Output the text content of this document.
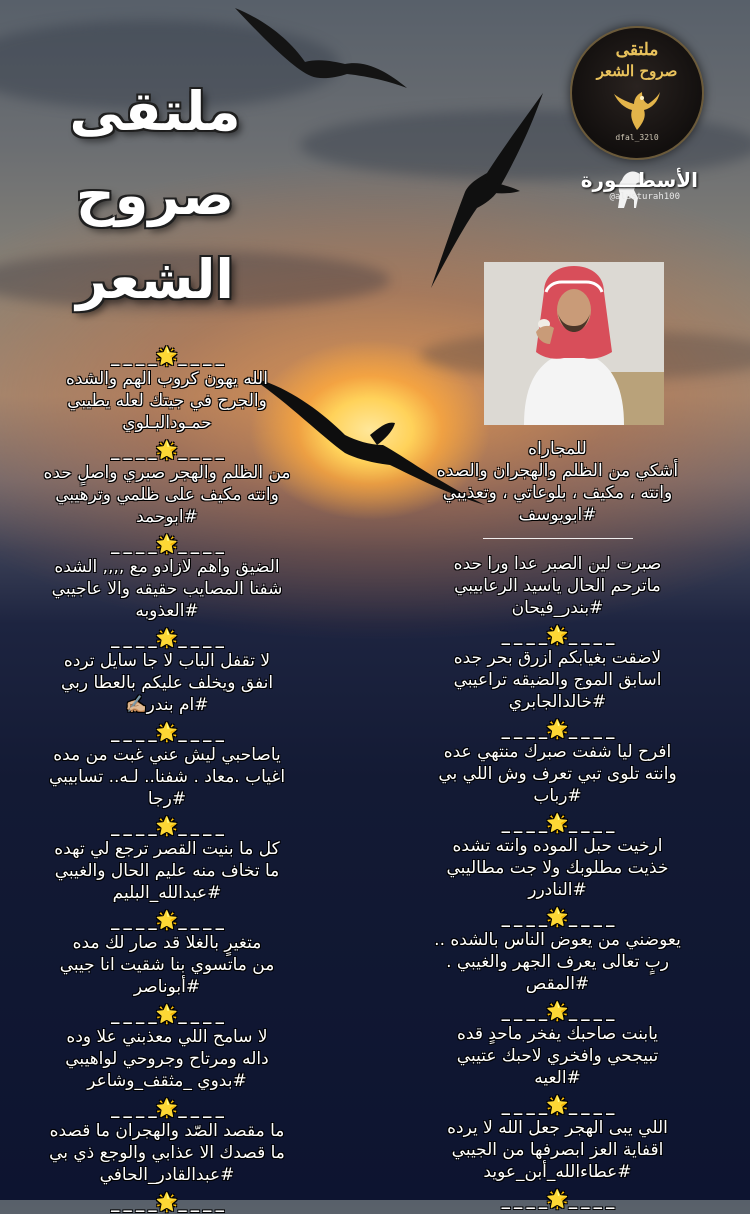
ملتقى
صروح
الشعر
ملتقى
صروح الشعر
dfal_32l0
الأسطـــورة
@alusturah100
_ _ _ _🌟_ _ _ _
الله يهون كروب الهم والشده
والجرح في جيتك لعله يطيبي
حمـودالبـلوي
_ _ _ _🌟_ _ _ _
من الظلم والهجر صبري واصلٍ حده
وانته مكيف على ظلمي وترهيبي
#ابوحمد
_ _ _ _🌟_ _ _ _
الضيق واهم لازادو مع ,,,, الشده
شفنا المصايب حقيقه والا عاجيبي
#العذوبه
_ _ _ _🌟_ _ _ _
لا تقفل الباب لا جا سايل ترده
انفق ويخلف عليكم بالعطا ربي
#ام بندر✍🏼
_ _ _ _🌟_ _ _ _
ياصاحبي ليش عني غبت من مده
اغياب .معاد . شفنا.. لـه.. تسابيبي
#رجا
_ _ _ _🌟_ _ _ _
كل ما بنيت القصر ترجع لي تهده
ما تخاف منه عليم الحال والغيبي
#عبدالله_البليم
_ _ _ _🌟_ _ _ _
متغيرٍ بالغلا قد صار لك مده
من ماتسوي بنا شقيت انا جيبي
#أبوناصر
_ _ _ _🌟_ _ _ _
لا سامح اللي معذبني علا وده
داله ومرتاح وجروحي لواهيبي
#بدوي _مثقف_وشاعر
_ _ _ _🌟_ _ _ _
ما مقصد الصّد والهجران ما قصده
ما قصدك الا عذابي والوجع ذي بي
#عبدالقادر_الحافي
_ _ _ _🌟_ _ _ _
للمجاراه
أشكي من الظلم والهجران والصده
وانته ، مكيف ، بلوعاتي ، وتعذيبي
#ابويوسف
صبرت لين الصبر عدا ورا حده
ماترحم الحال ياسيد الرعابيبي
#بندر_فيحان
_ _ _ _🌟_ _ _ _
لاضقت بغيابكم ازرق بحر جده
اسابق الموج والضيقه تراعيبي
#خالدالجابري
_ _ _ _🌟_ _ _ _
افرح ليا شفت صبرك منتهي عده
وانته تلوى تبي تعرف وش اللي بي
#رباب
_ _ _ _🌟_ _ _ _
ارخيت حبل الموده وانته تشده
خذيت مطلوبك ولا جت مطاليبي
#النادرر
_ _ _ _🌟_ _ _ _
يعوضني من يعوض الناس بالشده ..
ربٍ تعالى يعرف الجهر والغيبي .
#المقص
_ _ _ _🌟_ _ _ _
يابنت صاحبك يفخر ماحدٍ قده
تبيجحي وافخري لاحبك عتيبي
#العيه
_ _ _ _🌟_ _ _ _
اللي يبى الهجر جعل الله لا يرده
اقفاية العز ابصرفها من الجيبي
#عطاءالله_أبن_عويد
_ _ _ _🌟_ _ _ _
